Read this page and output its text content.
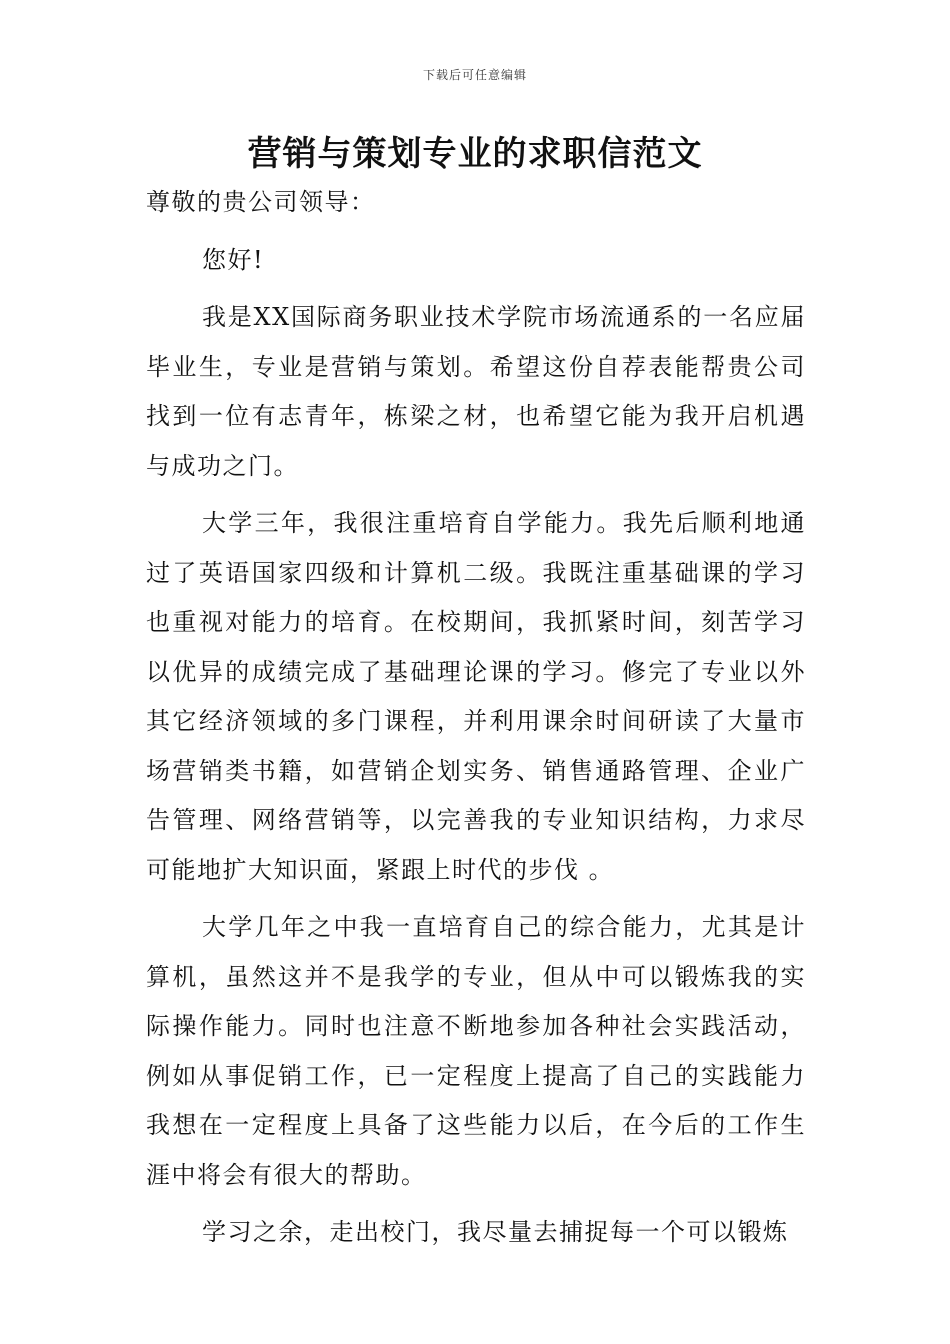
下载后可任意编辑
营销与策划专业的求职信范文

尊敬的贵公司领导：

您好!

我是XX国际商务职业技术学院市场流通系的一名应届毕业生，专业是营销与策划。希望这份自荐表能帮贵公司找到一位有志青年，栋梁之材，也希望它能为我开启机遇与成功之门。

大学三年，我很注重培育自学能力。我先后顺利地通过了英语国家四级和计算机二级。我既注重基础课的学习也重视对能力的培育。在校期间，我抓紧时间，刻苦学习以优异的成绩完成了基础理论课的学习。修完了专业以外其它经济领域的多门课程，并利用课余时间研读了大量市场营销类书籍，如营销企划实务、销售通路管理、企业广告管理、网络营销等，以完善我的专业知识结构，力求尽可能地扩大知识面，紧跟上时代的步伐 。

大学几年之中我一直培育自己的综合能力，尤其是计算机，虽然这并不是我学的专业，但从中可以锻炼我的实际操作能力。同时也注意不断地参加各种社会实践活动，例如从事促销工作，已一定程度上提高了自己的实践能力我想在一定程度上具备了这些能力以后，在今后的工作生涯中将会有很大的帮助。

学习之余，走出校门，我尽量去捕捉每一个可以锻炼
